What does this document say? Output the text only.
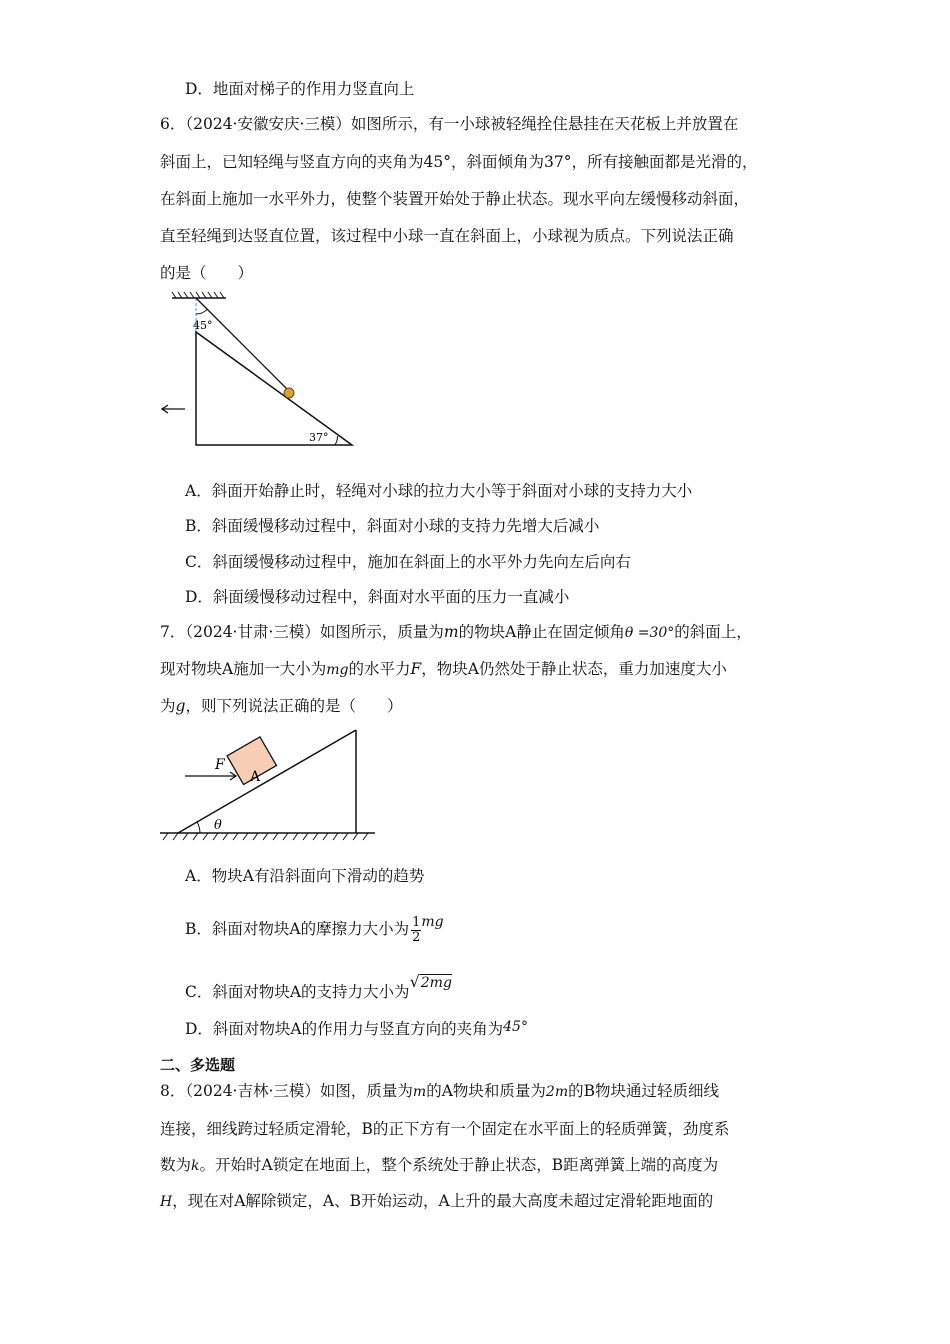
D．地面对梯子的作用力竖直向上
6．（2024·安徽安庆·三模）如图所示，有一小球被轻绳拴住悬挂在天花板上并放置在
斜面上，已知轻绳与竖直方向的夹角为45°，斜面倾角为37°，所有接触面都是光滑的，
在斜面上施加一水平外力，使整个装置开始处于静止状态。现水平向左缓慢移动斜面，
直至轻绳到达竖直位置，该过程中小球一直在斜面上，小球视为质点。下列说法正确
的是（　　）
45°
37°
A．斜面开始静止时，轻绳对小球的拉力大小等于斜面对小球的支持力大小
B．斜面缓慢移动过程中，斜面对小球的支持力先增大后减小
C．斜面缓慢移动过程中，施加在斜面上的水平外力先向左后向右
D．斜面缓慢移动过程中，斜面对水平面的压力一直减小
7．（2024·甘肃·三模）如图所示，质量为m的物块A静止在固定倾角θ =30°的斜面上，
现对物块A施加一大小为mg的水平力F，物块A仍然处于静止状态，重力加速度大小
为g，则下列说法正确的是（　　）
F
A
θ
A．物块A有沿斜面向下滑动的趋势
B．斜面对物块A的摩擦力大小为 $\frac{1}{2}$ mg
C．斜面对物块A的支持力大小为√2mg
D．斜面对物块A的作用力与竖直方向的夹角为45°
二、多选题
8．（2024·吉林·三模）如图，质量为m的A物块和质量为2m的B物块通过轻质细线
连接，细线跨过轻质定滑轮，B的正下方有一个固定在水平面上的轻质弹簧，劲度系
数为k。开始时A锁定在地面上，整个系统处于静止状态，B距离弹簧上端的高度为
H，现在对A解除锁定，A、B开始运动，A上升的最大高度未超过定滑轮距地面的
